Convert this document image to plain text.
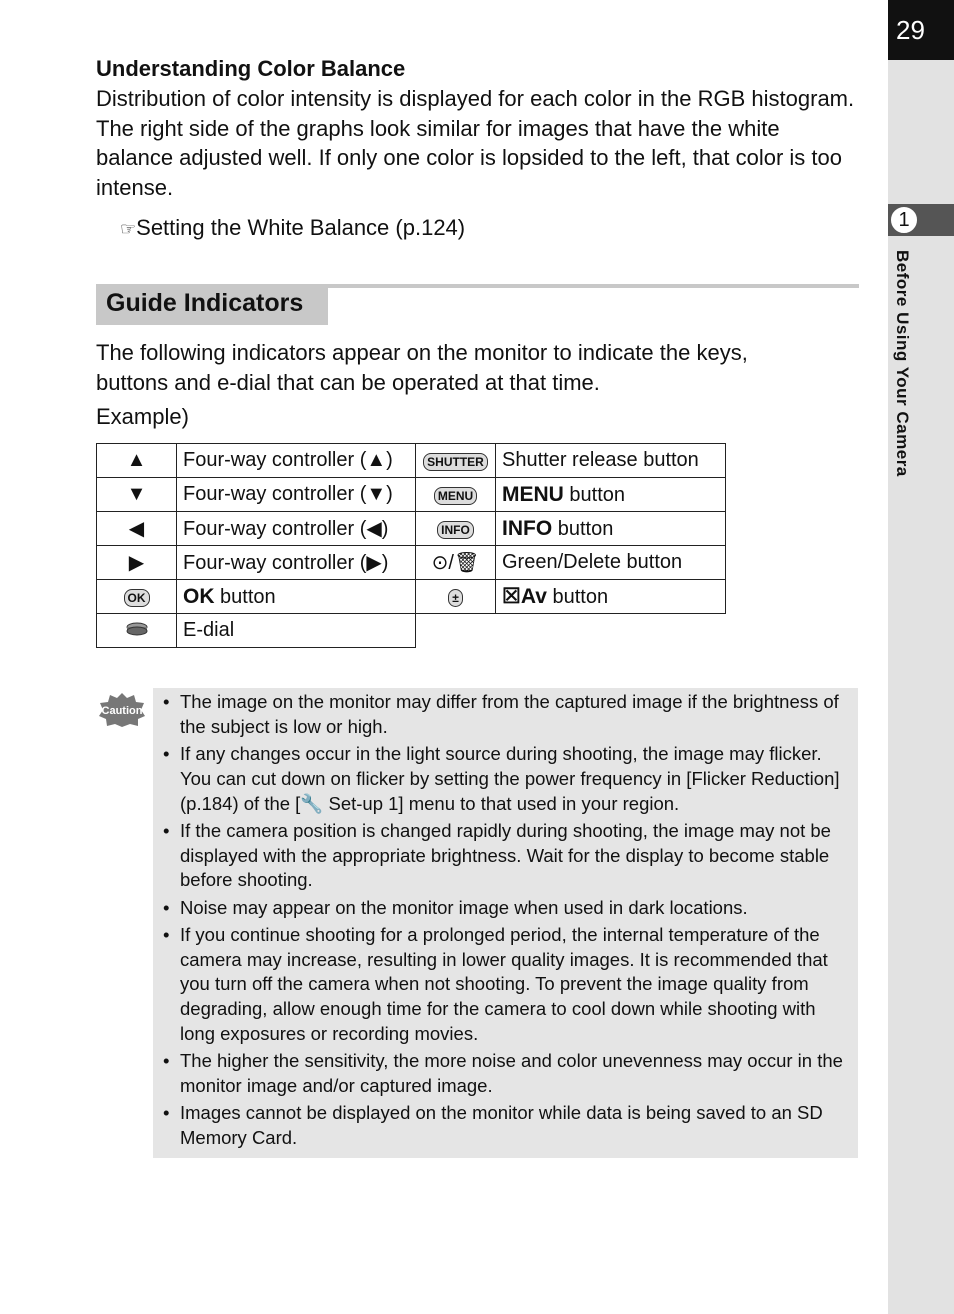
29
1
Before Using Your Camera
Understanding Color Balance
Distribution of color intensity is displayed for each color in the RGB histogram.
The right side of the graphs look similar for images that have the white
balance adjusted well. If only one color is lopsided to the left, that color is too
intense.
☞Setting the White Balance (p.124)
Guide Indicators
The following indicators appear on the monitor to indicate the keys,
buttons and e-dial that can be operated at that time.
Example)
▲	Four-way controller (▲)	SHUTTER	Shutter release button
▼	Four-way controller (▼)	MENU	MENU button
◀	Four-way controller (◀)	INFO	INFO button
▶	Four-way controller (▶)	⊙/🗑	Green/Delete button
OK	OK button	±	☒Av button
	E-dial		
Caution	• The image on the monitor may differ from the captured image if the brightness of the subject is low or high.
• If any changes occur in the light source during shooting, the image may flicker. You can cut down on flicker by setting the power frequency in [Flicker Reduction] (p.184) of the [🔧 Set-up 1] menu to that used in your region.
• If the camera position is changed rapidly during shooting, the image may not be displayed with the appropriate brightness. Wait for the display to become stable before shooting.
• Noise may appear on the monitor image when used in dark locations.
• If you continue shooting for a prolonged period, the internal temperature of the camera may increase, resulting in lower quality images. It is recommended that you turn off the camera when not shooting. To prevent the image quality from degrading, allow enough time for the camera to cool down while shooting with long exposures or recording movies.
• The higher the sensitivity, the more noise and color unevenness may occur in the monitor image and/or captured image.
• Images cannot be displayed on the monitor while data is being saved to an SD Memory Card.
